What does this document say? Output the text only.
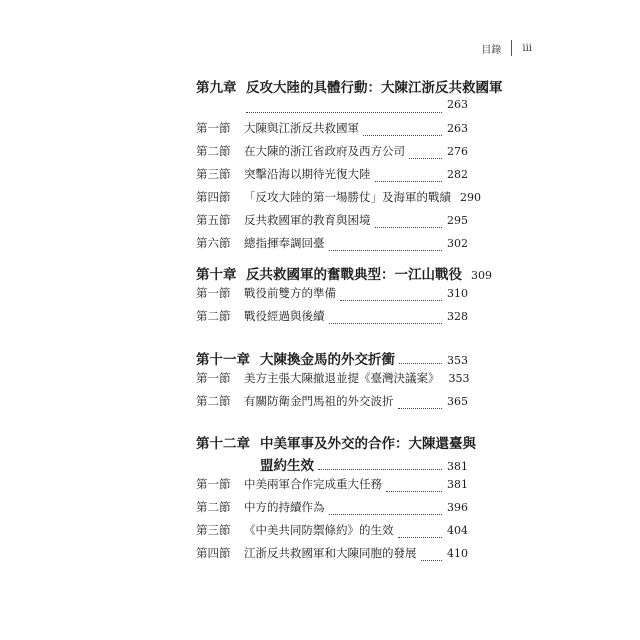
目錄 iii
第九章 反攻大陸的具體行動：大陳江浙反共救國軍
263
第一節	大陳與江浙反共救國軍	263
第二節	在大陳的浙江省政府及西方公司	276
第三節	突擊沿海以期待光復大陸	282
第四節	「反攻大陸的第一場勝仗」及海軍的戰績 290
第五節	反共救國軍的教育與困境	295
第六節	總指揮奉調回臺	302
第十章 反共救國軍的奮戰典型：一江山戰役 309
第一節	戰役前雙方的準備	310
第二節	戰役經過與後續	328
第十一章 大陳換金馬的外交折衝	353
第一節	美方主張大陳撤退並提《臺灣決議案》 353
第二節	有關防衛金門馬祖的外交波折	365
第十二章 中美軍事及外交的合作：大陳還臺與
盟約生效	381
第一節	中美兩軍合作完成重大任務	381
第二節	中方的持續作為	396
第三節	《中美共同防禦條約》的生效	404
第四節	江浙反共救國軍和大陳同胞的發展	410
